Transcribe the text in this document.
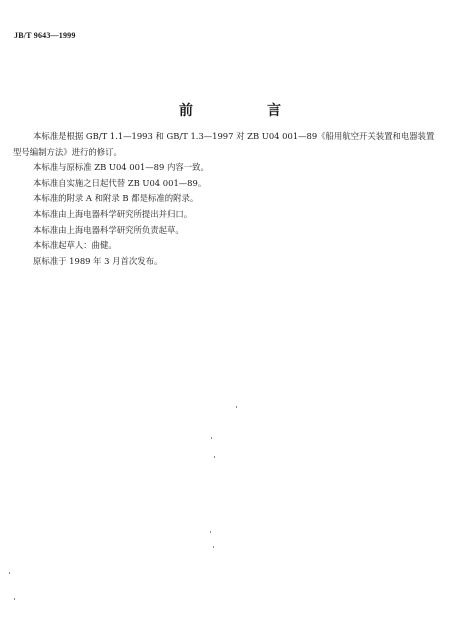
JB/T 9643—1999
前　言

本标准是根据 GB/T 1.1—1993 和 GB/T 1.3—1997 对 ZB U04 001—89《船用航空开关装置和电器装置型号编制方法》进行的修订。

本标准与原标准 ZB U04 001—89 内容一致。

本标准自实施之日起代替 ZB U04 001—89。

本标准的附录 A 和附录 B 都是标准的附录。

本标准由上海电器科学研究所提出并归口。

本标准由上海电器科学研究所负责起草。

本标准起草人：曲健。

原标准于 1989 年 3 月首次发布。
